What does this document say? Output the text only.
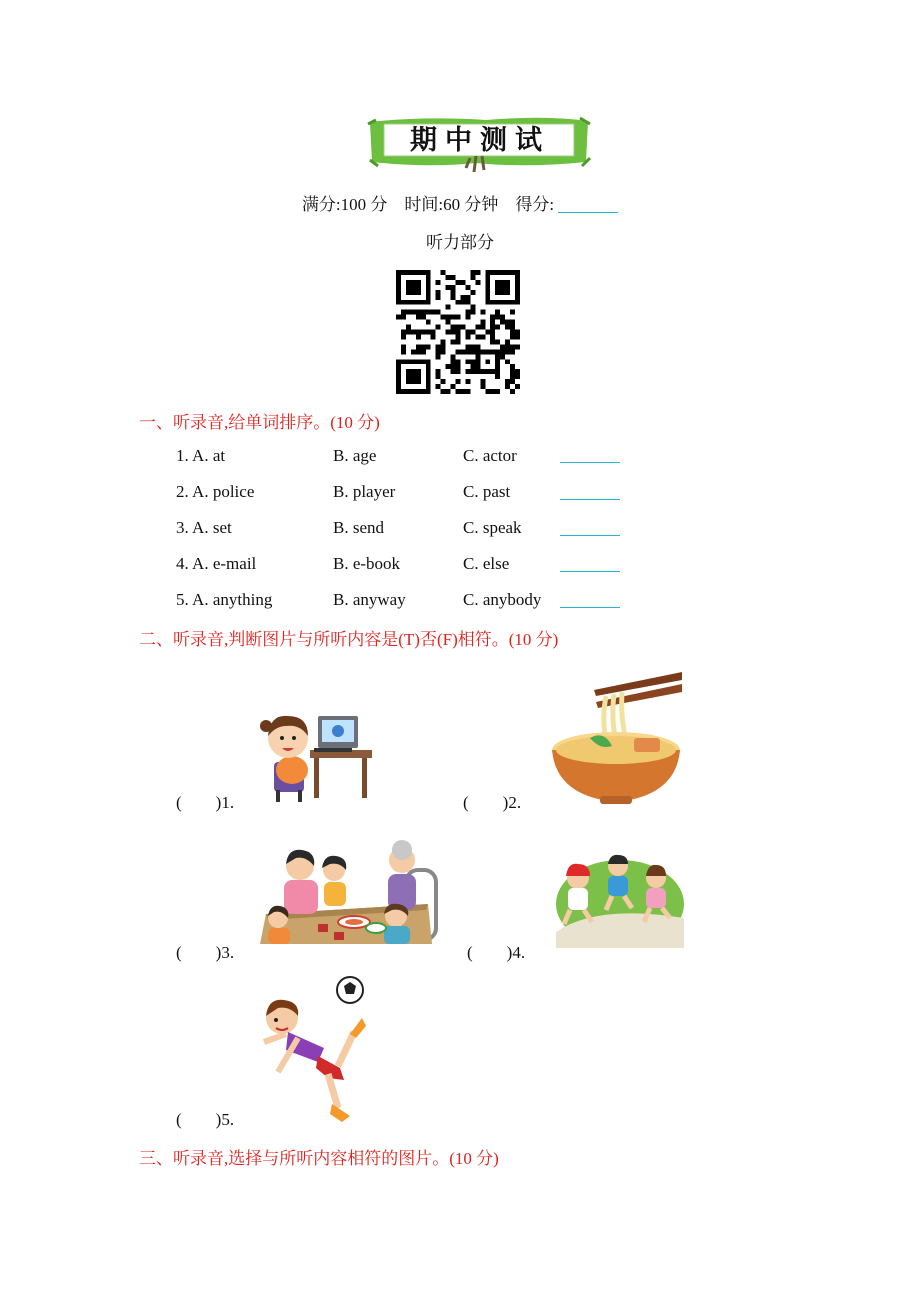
期中测试
满分:100 分    时间:60 分钟    得分:
听力部分
一、听录音,给单词排序。(10 分)
1. A. at	B. age	C. actor
2. A. police	B. player	C. past
3. A. set	B. send	C. speak
4. A. e-mail	B. e-book	C. else
5. A. anything	B. anyway	C. anybody
二、听录音,判断图片与所听内容是(T)否(F)相符。(10 分)
(        )1.	(        )2.
(        )3.	(        )4.
(        )5.
三、听录音,选择与所听内容相符的图片。(10 分)
